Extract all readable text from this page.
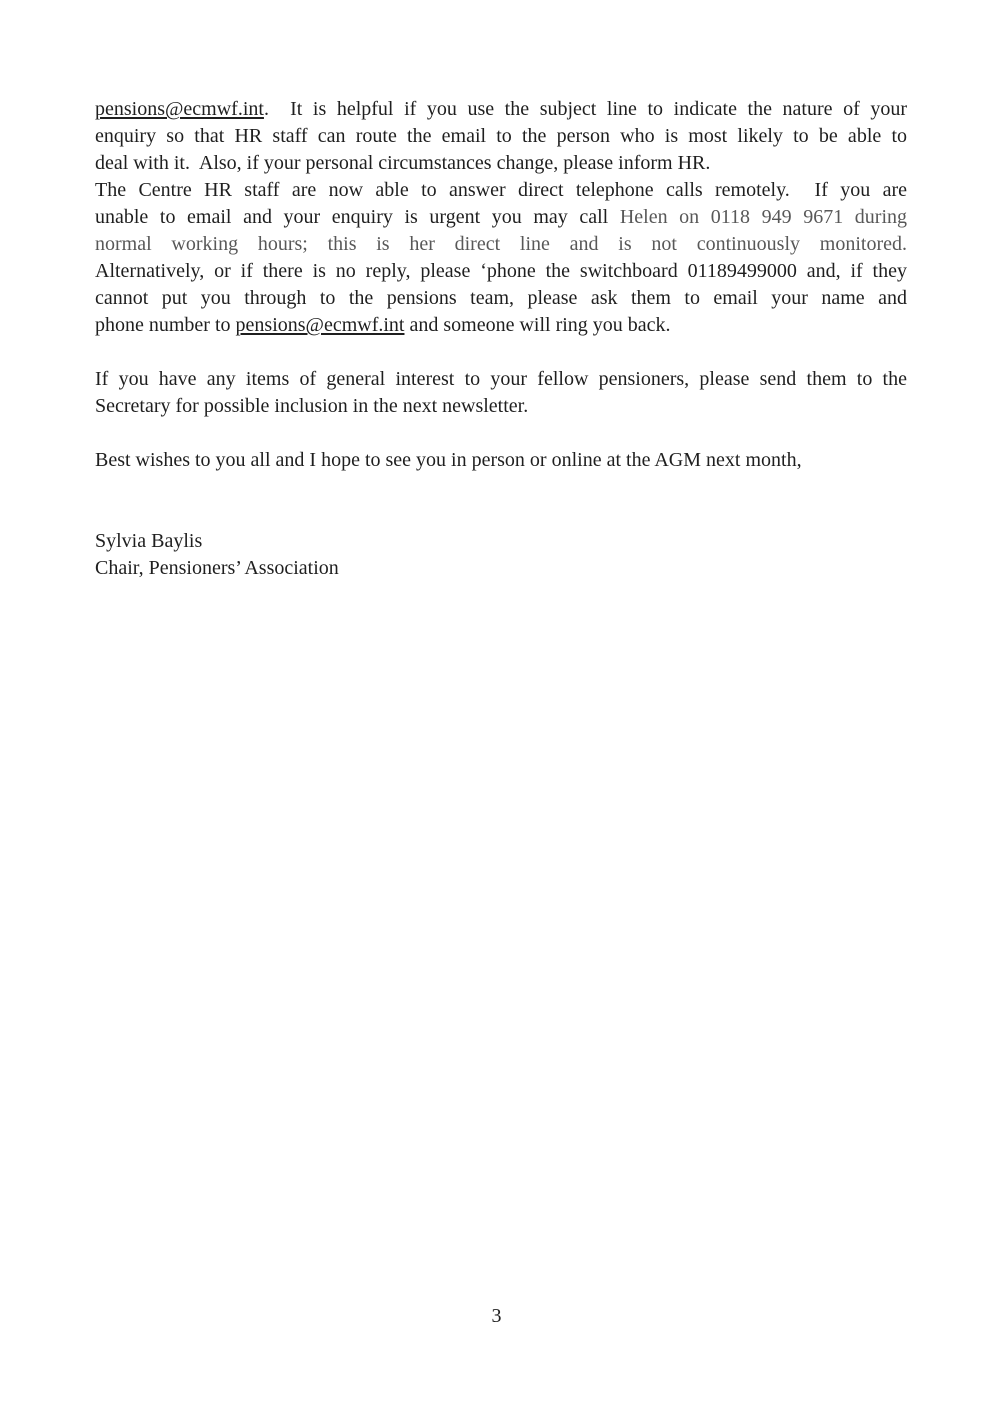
pensions@ecmwf.int.  It is helpful if you use the subject line to indicate the nature of your
enquiry so that HR staff can route the email to the person who is most likely to be able to
deal with it.  Also, if your personal circumstances change, please inform HR.
The Centre HR staff are now able to answer direct telephone calls remotely.  If you are
unable to email and your enquiry is urgent you may call Helen on 0118 949 9671 during
normal working hours; this is her direct line and is not continuously monitored.
Alternatively, or if there is no reply, please ‘phone the switchboard 01189499000 and, if they
cannot put you through to the pensions team, please ask them to email your name and
phone number to pensions@ecmwf.int and someone will ring you back.
If you have any items of general interest to your fellow pensioners, please send them to the
Secretary for possible inclusion in the next newsletter.
Best wishes to you all and I hope to see you in person or online at the AGM next month,
Sylvia Baylis
Chair, Pensioners’ Association
3
